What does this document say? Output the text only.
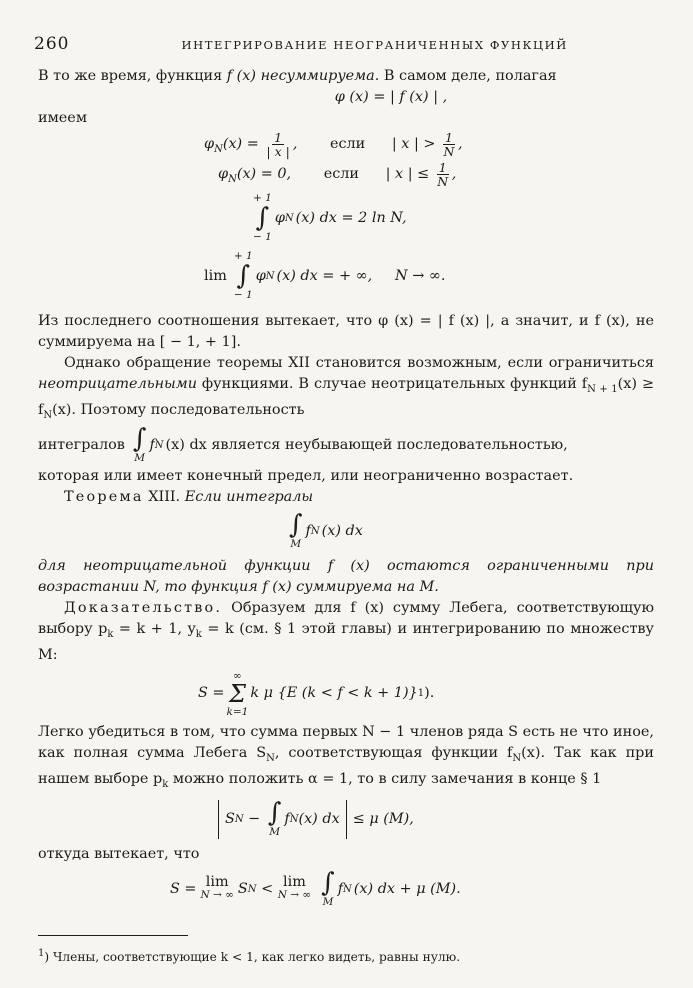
260	ИНТЕГРИРОВАНИЕ НЕОГРАНИЧЕННЫХ ФУНКЦИЙ

В то же время, функция f (x) несуммируема. В самом деле, полагая

φ (x) = | f (x) | ,

имеем

$\varphi_N(x) = \frac{1}{| x |}$ , если | x | > $\frac{1}{N}$ ,

$\varphi_N(x) = 0$, если | x | ≤ $\frac{1}{N}$ ,

+ 1
∫
− 1
φ N (x) dx = 2 ln N,

lim
+ 1
∫
− 1
φ N (x) dx = + ∞,     N → ∞.

Из последнего соотношения вытекает, что φ (x) = | f (x) |, а значит, и f (x), не суммируема на [ − 1, + 1].

Однако обращение теоремы XII становится возможным, если ограничиться неотрицательными функциями. В случае неотрицательных функций $f_{N + 1}(x) \ge f_N(x)$. Поэтому последовательность

интегралов ∫
M
f N (x) dx является неубывающей последовательностью,

которая или имеет конечный предел, или неограниченно возрастает.

Теорема XIII. Если интегралы

∫
M
f N (x) dx

для неотрицательной функции f (x) остаются ограниченными при возрастании N, то функция f (x) суммируема на M.

Доказательство. Образуем для f (x) сумму Лебега, соответствующую выбору $p_k = k + 1$, $y_k = k$ (см. § 1 этой главы) и интегрированию по множеству M:

S =
∞
Σ
k=1
k μ {E (k < f < k + 1)} 1 ).

Легко убедиться в том, что сумма первых N − 1 членов ряда S есть не что иное, как полная сумма Лебега $S_N$, соответствующая функции $f_N(x)$. Так как при нашем выборе $p_k$ можно положить α = 1, то в силу замечания в конце § 1

S N − ∫
M
f N (x) dx ≤ μ (M),

откуда вытекает, что

S = lim
N → ∞ S N < lim
N → ∞ ∫
M
f N (x) dx + μ (M).

$^1$) Члены, соответствующие k < 1, как легко видеть, равны нулю.
